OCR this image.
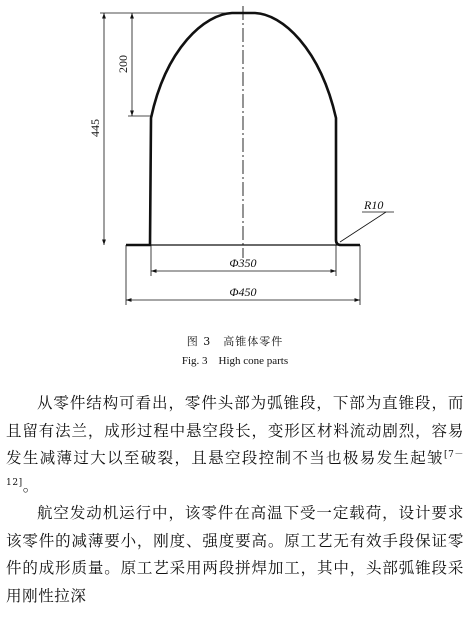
445
200
R10
Φ350
Φ450
图 3　高锥体零件
Fig. 3　High cone parts

从零件结构可看出，零件头部为弧锥段，下部为直锥段，而且留有法兰，成形过程中悬空段长，变形区材料流动剧烈，容易发生减薄过大以至破裂，且悬空段控制不当也极易发生起皱[7－12]。

航空发动机运行中，该零件在高温下受一定载荷，设计要求该零件的减薄要小，刚度、强度要高。原工艺无有效手段保证零件的成形质量。原工艺采用两段拼焊加工，其中，头部弧锥段采用刚性拉深
